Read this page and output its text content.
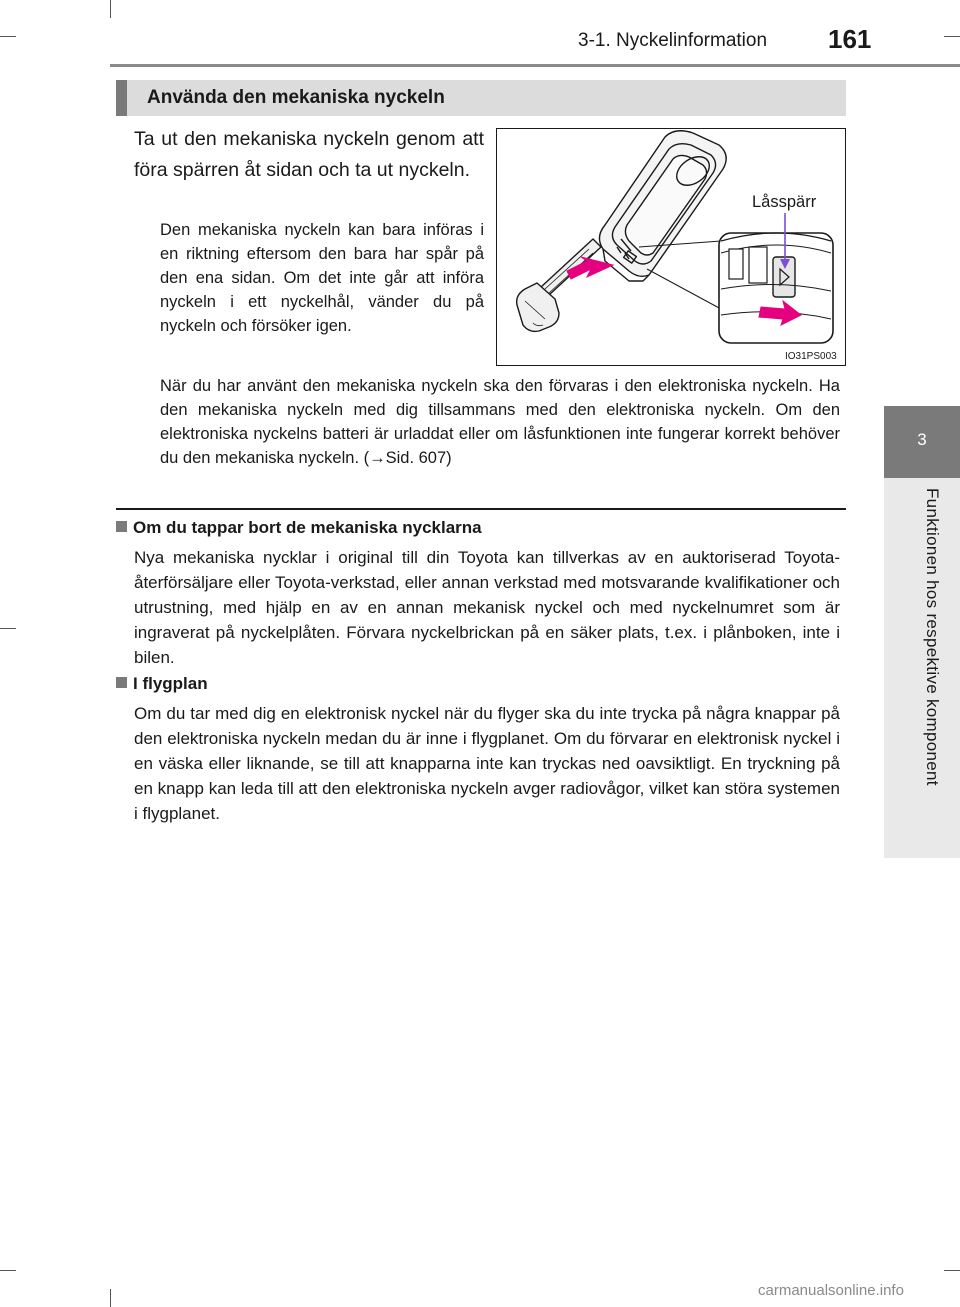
3-1. Nyckelinformation 161
3
Funktionen hos respektive komponent
Använda den mekaniska nyckeln
Ta ut den mekaniska nyckeln genom att föra spärren åt sidan och ta ut nyckeln.
Den mekaniska nyckeln kan bara införas i en riktning eftersom den bara har spår på den ena sidan. Om det inte går att införa nyckeln i ett nyckelhål, vänder du på nyckeln och försöker igen.
Låsspärr
IO31PS003
När du har använt den mekaniska nyckeln ska den förvaras i den elektroniska nyckeln. Ha den mekaniska nyckeln med dig tillsammans med den elektroniska nyckeln. Om den elektroniska nyckelns batteri är urladdat eller om låsfunktionen inte fungerar korrekt behöver du den mekaniska nyckeln. (→Sid. 607)
Om du tappar bort de mekaniska nycklarna
Nya mekaniska nycklar i original till din Toyota kan tillverkas av en auktoriserad Toyota-återförsäljare eller Toyota-verkstad, eller annan verkstad med motsvarande kvalifikationer och utrustning, med hjälp en av en annan mekanisk nyckel och med nyckelnumret som är ingraverat på nyckelplåten. Förvara nyckelbrickan på en säker plats, t.ex. i plånboken, inte i bilen.
I flygplan
Om du tar med dig en elektronisk nyckel när du flyger ska du inte trycka på några knappar på den elektroniska nyckeln medan du är inne i flygplanet. Om du förvarar en elektronisk nyckel i en väska eller liknande, se till att knapparna inte kan tryckas ned oavsiktligt. En tryckning på en knapp kan leda till att den elektroniska nyckeln avger radiovågor, vilket kan störa systemen i flygplanet.
carmanualsonline.info
